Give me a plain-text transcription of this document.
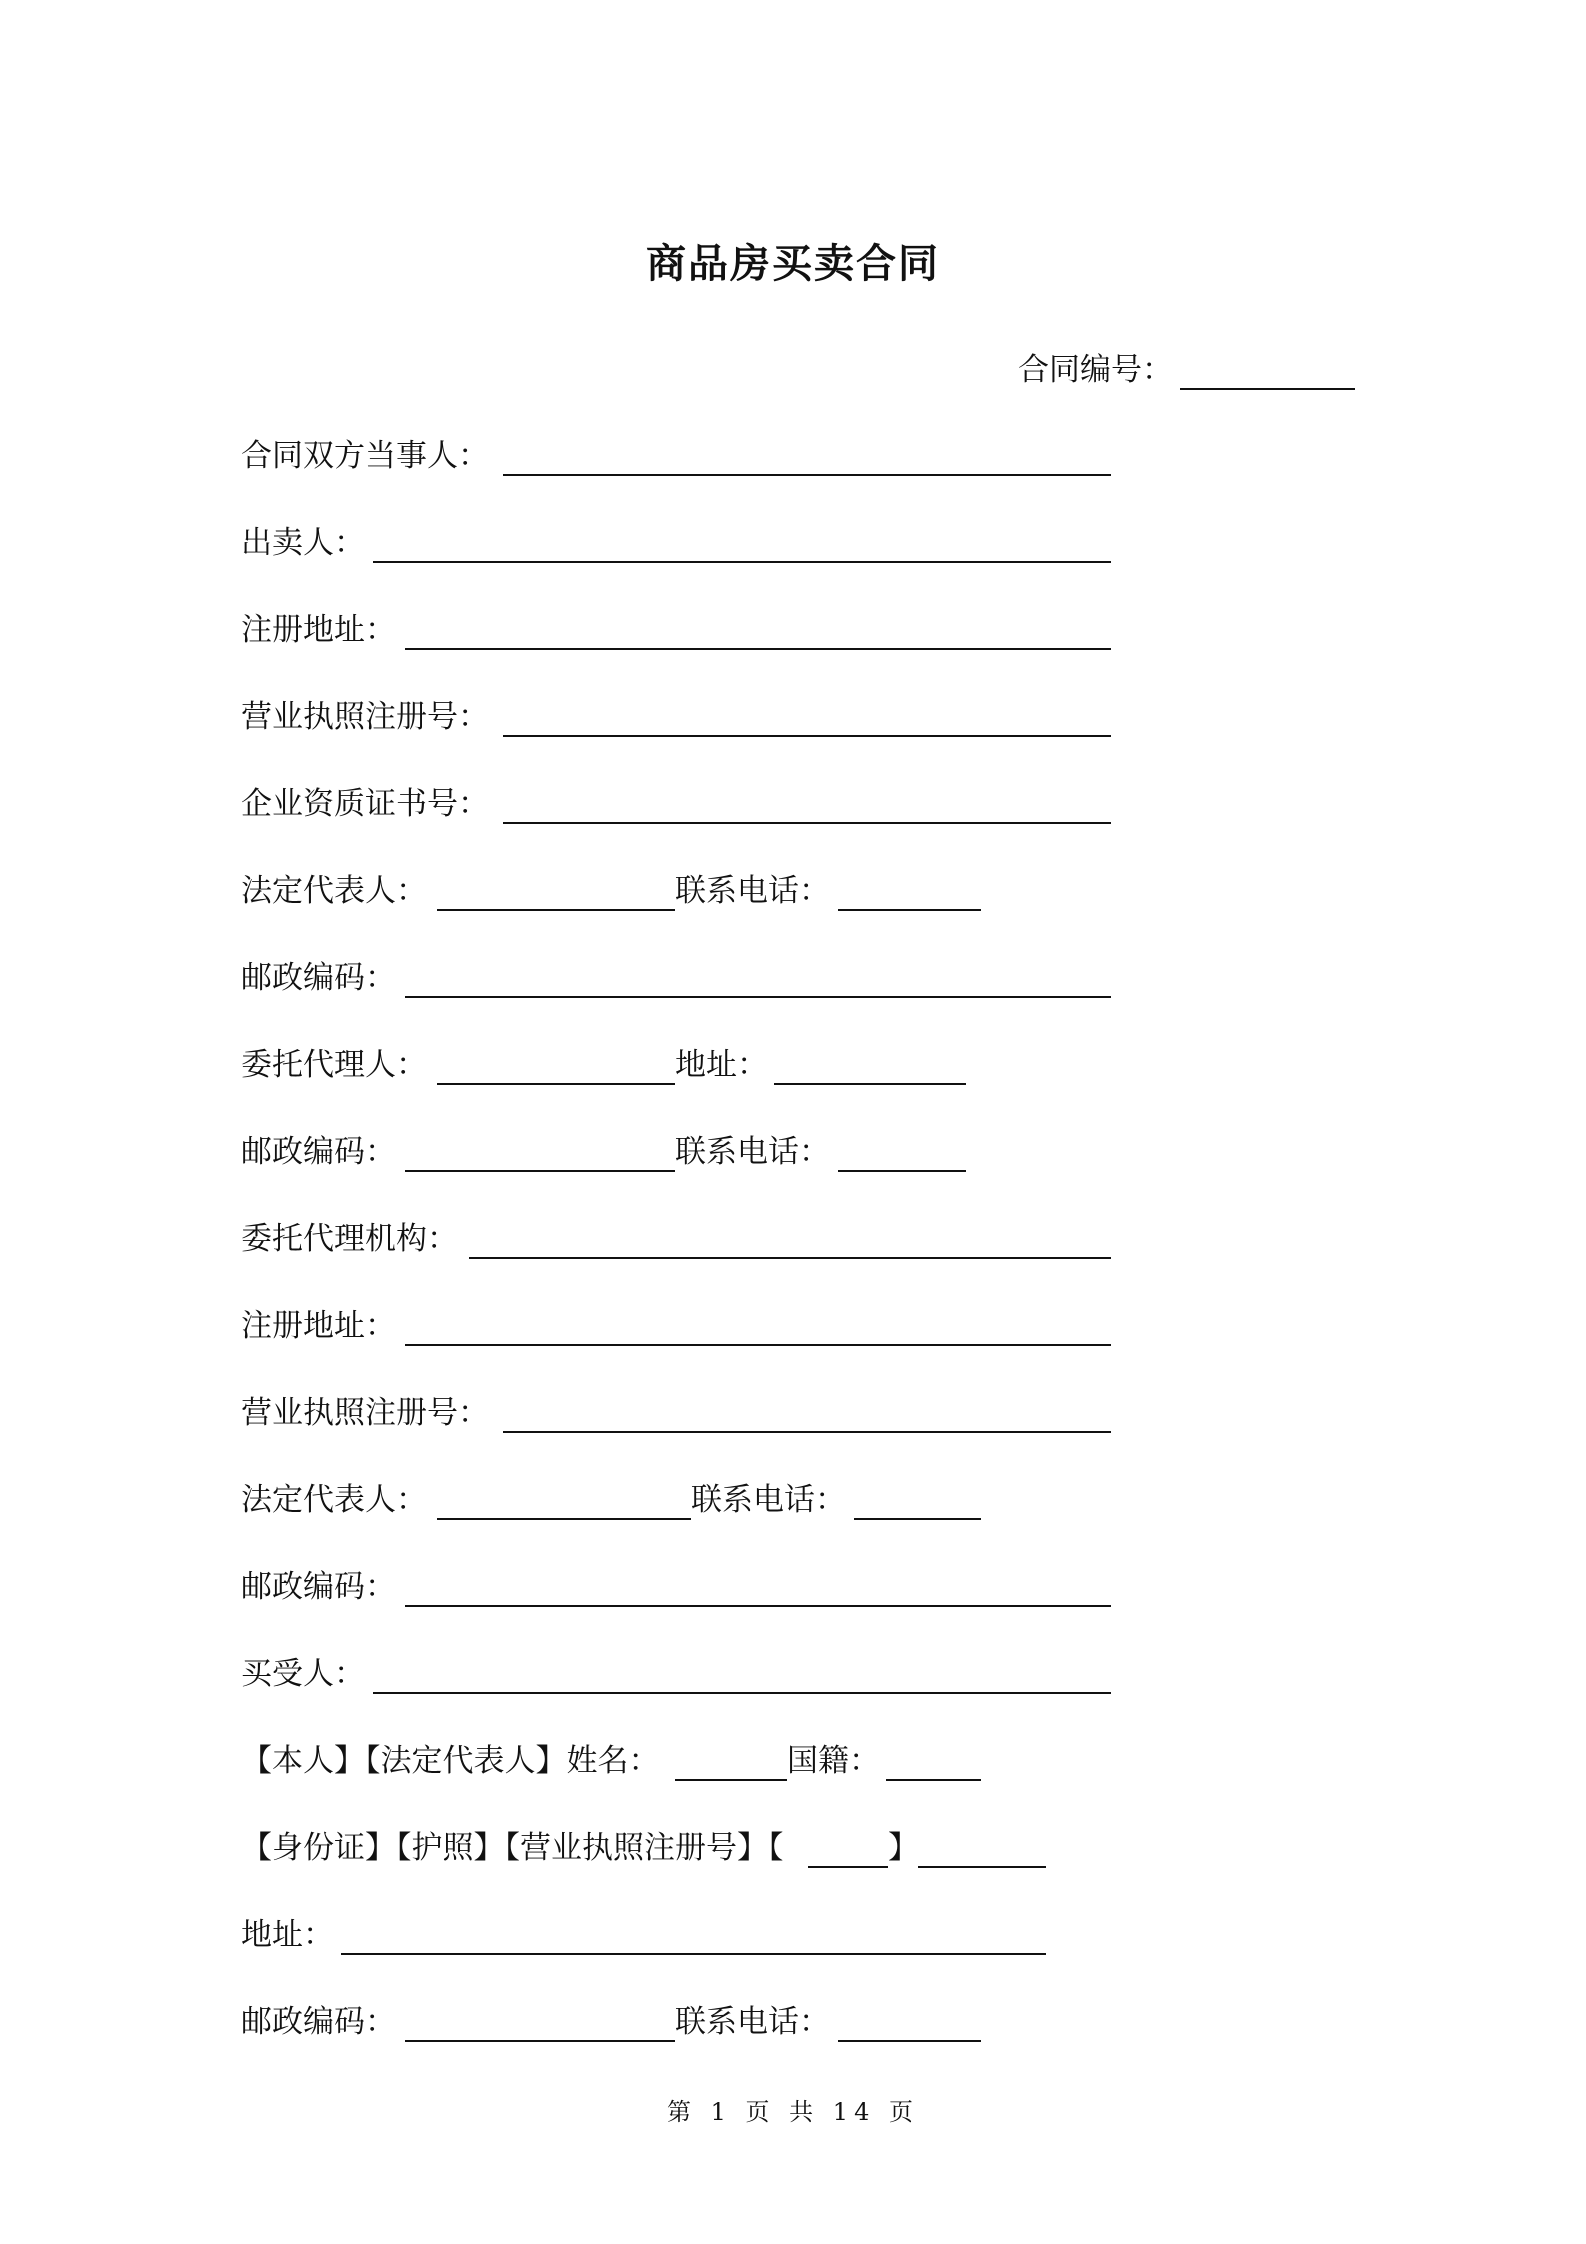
商品房买卖合同
合同编号：
合同双方当事人：
出卖人：
注册地址：
营业执照注册号：
企业资质证书号：
法定代表人：	联系电话：
邮政编码：
委托代理人：	地址：
邮政编码：	联系电话：
委托代理机构：
注册地址：
营业执照注册号：
法定代表人：	联系电话：
邮政编码：
买受人：
【本人】【法定代表人】姓名：	国籍：
【身份证】【护照】【营业执照注册号】【	】
地址：
邮政编码：	联系电话：
第 1 页 共 14 页
